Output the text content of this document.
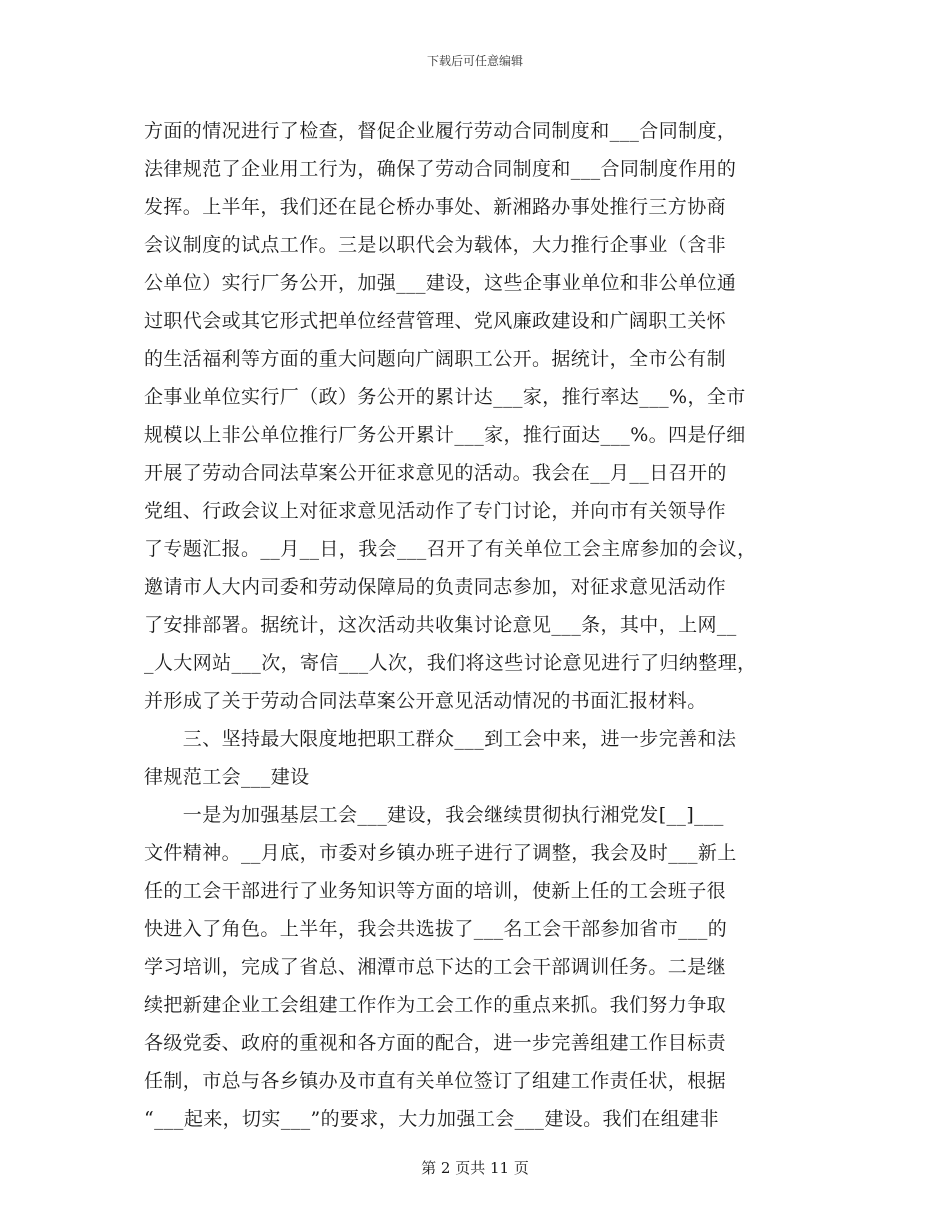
下载后可任意编辑
方面的情况进行了检查，督促企业履行劳动合同制度和___合同制度，
法律规范了企业用工行为，确保了劳动合同制度和___合同制度作用的
发挥。上半年，我们还在昆仑桥办事处、新湘路办事处推行三方协商
会议制度的试点工作。三是以职代会为载体，大力推行企事业（含非
公单位）实行厂务公开，加强___建设，这些企事业单位和非公单位通
过职代会或其它形式把单位经营管理、党风廉政建设和广阔职工关怀
的生活福利等方面的重大问题向广阔职工公开。据统计，全市公有制
企事业单位实行厂（政）务公开的累计达___家，推行率达___%，全市
规模以上非公单位推行厂务公开累计___家，推行面达___%。四是仔细
开展了劳动合同法草案公开征求意见的活动。我会在__月__日召开的
党组、行政会议上对征求意见活动作了专门讨论，并向市有关领导作
了专题汇报。__月__日，我会___召开了有关单位工会主席参加的会议，
邀请市人大内司委和劳动保障局的负责同志参加，对征求意见活动作
了安排部署。据统计，这次活动共收集讨论意见___条，其中，上网__
_人大网站___次，寄信___人次，我们将这些讨论意见进行了归纳整理，
并形成了关于劳动合同法草案公开意见活动情况的书面汇报材料。
　　三、坚持最大限度地把职工群众___到工会中来，进一步完善和法
律规范工会___建设
　　一是为加强基层工会___建设，我会继续贯彻执行湘党发[__]___
文件精神。__月底，市委对乡镇办班子进行了调整，我会及时___新上
任的工会干部进行了业务知识等方面的培训，使新上任的工会班子很
快进入了角色。上半年，我会共选拔了___名工会干部参加省市___的
学习培训，完成了省总、湘潭市总下达的工会干部调训任务。二是继
续把新建企业工会组建工作作为工会工作的重点来抓。我们努力争取
各级党委、政府的重视和各方面的配合，进一步完善组建工作目标责
任制，市总与各乡镇办及市直有关单位签订了组建工作责任状，根据
“___起来，切实___”的要求，大力加强工会___建设。我们在组建非
第 2 页共 11 页
